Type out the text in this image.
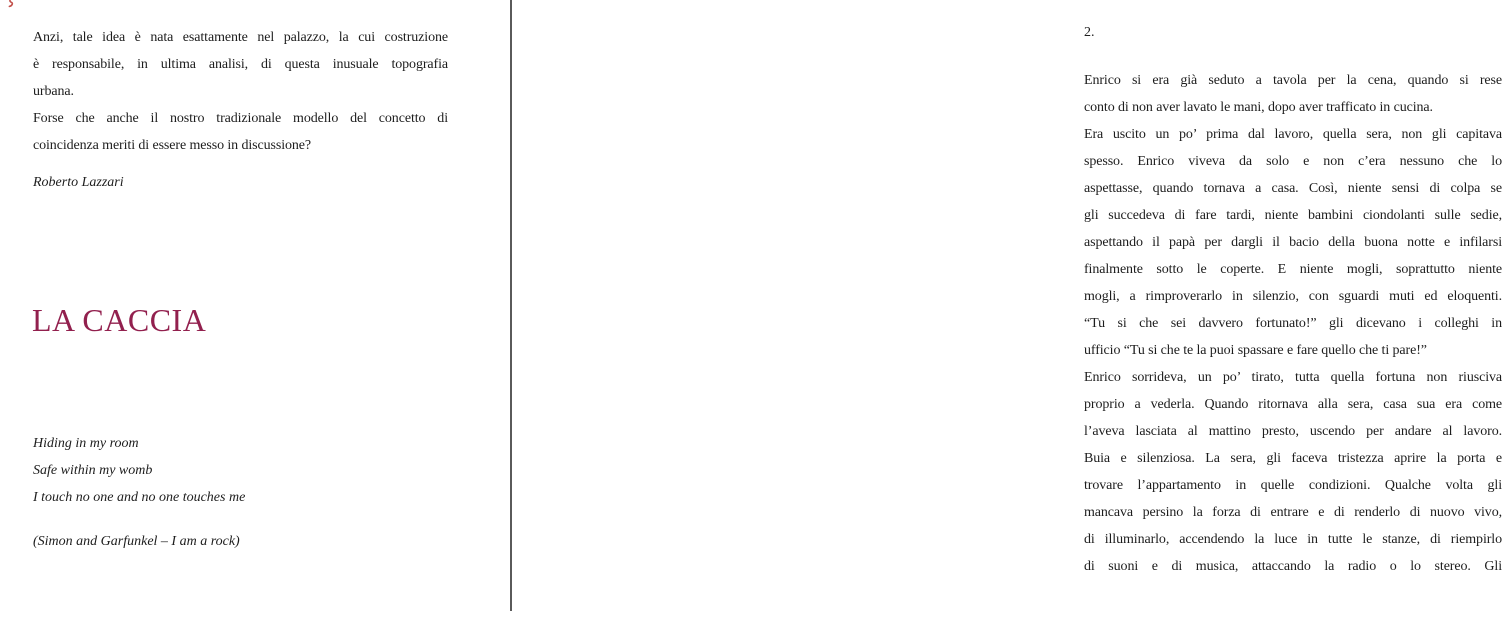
Anzi, tale idea è nata esattamente nel palazzo, la cui costruzione
è responsabile, in ultima analisi, di questa inusuale topografia
urbana.
Forse che anche il nostro tradizionale modello del concetto di
coincidenza meriti di essere messo in discussione?
Roberto Lazzari
LA CACCIA
Hiding in my room
Safe within my womb
I touch no one and no one touches me
(Simon and Garfunkel – I am a rock)
2.
Enrico si era già seduto a tavola per la cena, quando si rese
conto di non aver lavato le mani, dopo aver trafficato in cucina.
Era uscito un po’ prima dal lavoro, quella sera, non gli capitava
spesso. Enrico viveva da solo e non c’era nessuno che lo
aspettasse, quando tornava a casa. Così, niente sensi di colpa se
gli succedeva di fare tardi, niente bambini ciondolanti sulle sedie,
aspettando il papà per dargli il bacio della buona notte e infilarsi
finalmente sotto le coperte. E niente mogli, soprattutto niente
mogli, a rimproverarlo in silenzio, con sguardi muti ed eloquenti.
“Tu si che sei davvero fortunato!” gli dicevano i colleghi in
ufficio “Tu si che te la puoi spassare e fare quello che ti pare!”
Enrico sorrideva, un po’ tirato, tutta quella fortuna non riusciva
proprio a vederla. Quando ritornava alla sera, casa sua era come
l’aveva lasciata al mattino presto, uscendo per andare al lavoro.
Buia e silenziosa. La sera, gli faceva tristezza aprire la porta e
trovare l’appartamento in quelle condizioni. Qualche volta gli
mancava persino la forza di entrare e di renderlo di nuovo vivo,
di illuminarlo, accendendo la luce in tutte le stanze, di riempirlo
di suoni e di musica, attaccando la radio o lo stereo. Gli
